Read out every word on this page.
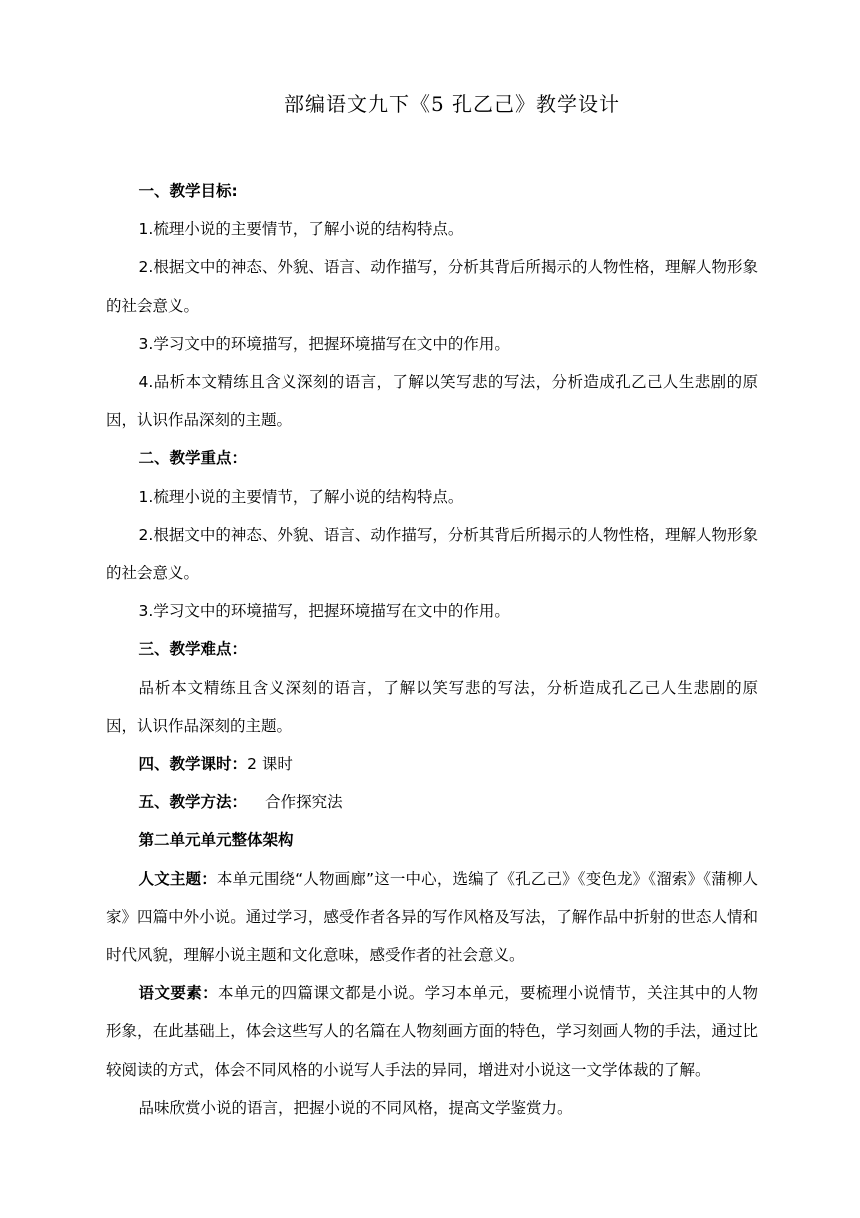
部编语文九下《5 孔乙己》教学设计

一、教学目标:

1.梳理小说的主要情节，了解小说的结构特点。

2.根据文中的神态、外貌、语言、动作描写，分析其背后所揭示的人物性格，理解人物形象的社会意义。

3.学习文中的环境描写，把握环境描写在文中的作用。

4.品析本文精练且含义深刻的语言，了解以笑写悲的写法，分析造成孔乙己人生悲剧的原因，认识作品深刻的主题。

二、教学重点：

1.梳理小说的主要情节，了解小说的结构特点。

2.根据文中的神态、外貌、语言、动作描写，分析其背后所揭示的人物性格，理解人物形象的社会意义。

3.学习文中的环境描写，把握环境描写在文中的作用。

三、教学难点：

品析本文精练且含义深刻的语言，了解以笑写悲的写法，分析造成孔乙己人生悲剧的原因，认识作品深刻的主题。

四、教学课时：2 课时

五、教学方法： 合作探究法

第二单元单元整体架构

人文主题：本单元围绕“人物画廊”这一中心，选编了《孔乙己》《变色龙》《溜索》《蒲柳人家》四篇中外小说。通过学习，感受作者各异的写作风格及写法，了解作品中折射的世态人情和时代风貌，理解小说主题和文化意味，感受作者的社会意义。

语文要素：本单元的四篇课文都是小说。学习本单元，要梳理小说情节，关注其中的人物形象，在此基础上，体会这些写人的名篇在人物刻画方面的特色，学习刻画人物的手法，通过比较阅读的方式，体会不同风格的小说写人手法的异同，增进对小说这一文学体裁的了解。

品味欣赏小说的语言，把握小说的不同风格，提高文学鉴赏力。
